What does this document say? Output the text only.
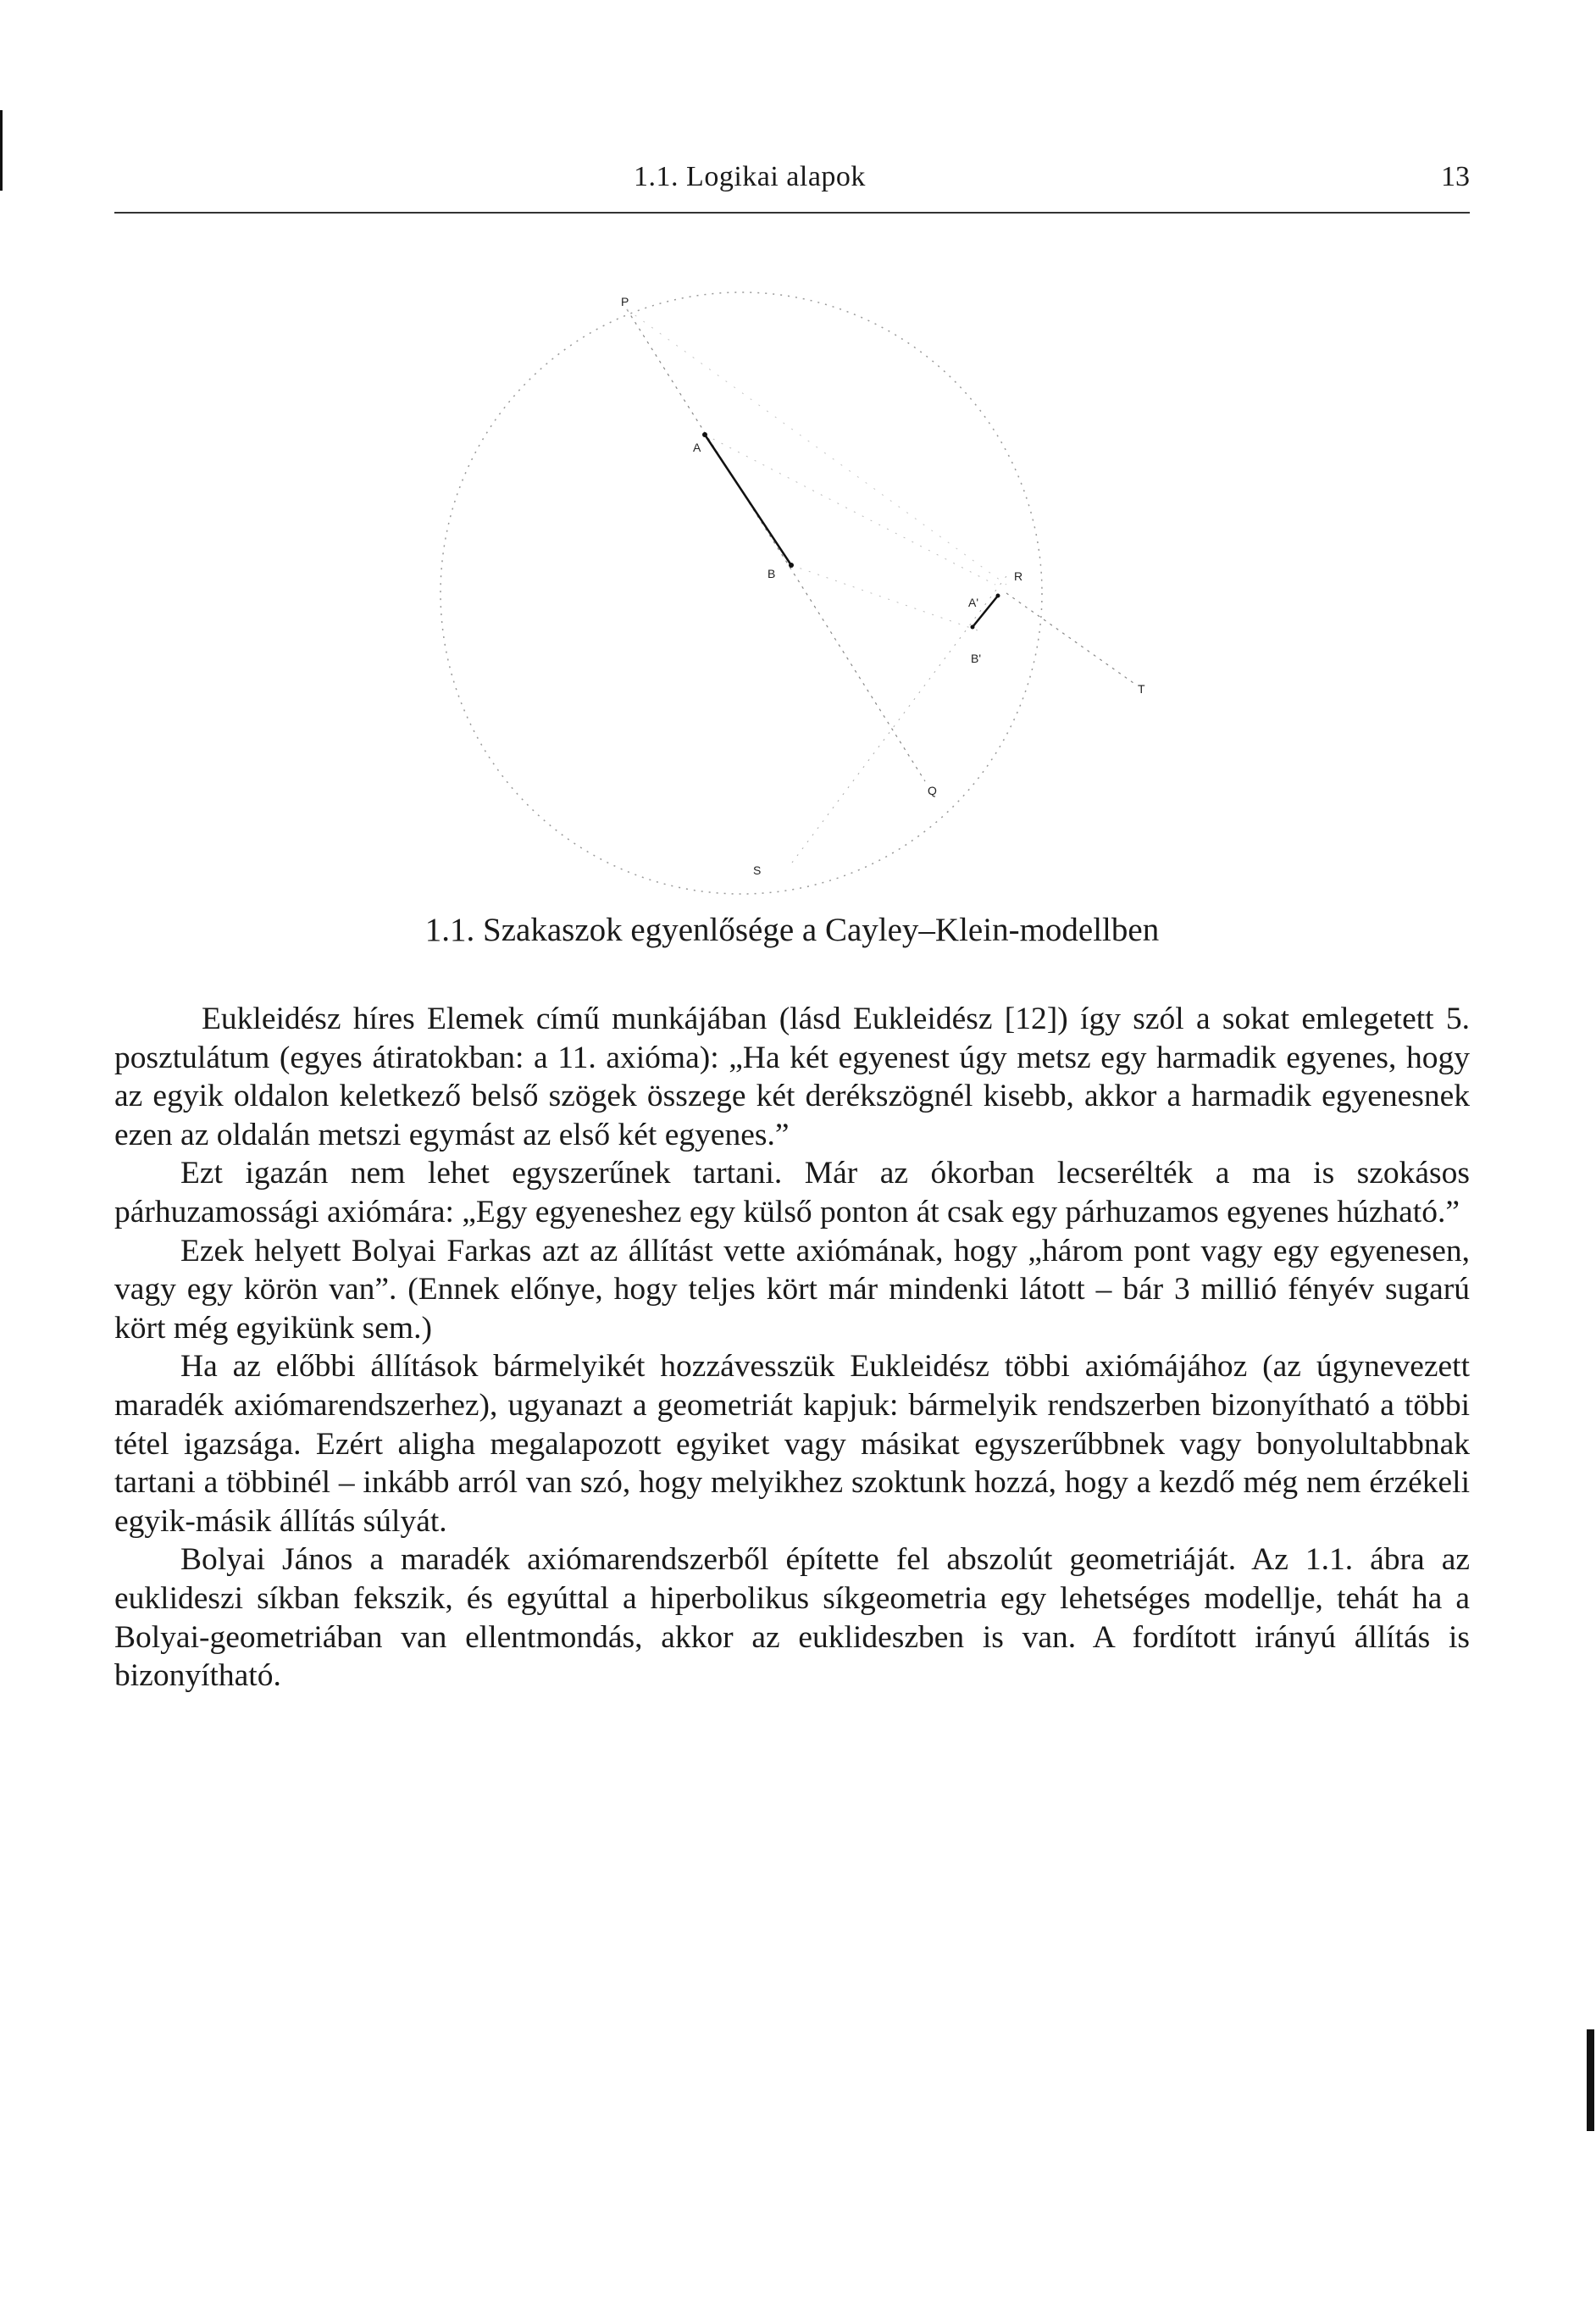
1.1. Logikai alapok	13
P
A
B	R
A'
B'
T
Q
S
1.1. Szakaszok egyenlősége a Cayley–Klein-modellben

Eukleidész híres Elemek című munkájában (lásd Eukleidész [12]) így szól a sokat emlegetett 5. posztulátum (egyes átiratokban: a 11. axióma): „Ha két egyenest úgy metsz egy harmadik egyenes, hogy az egyik oldalon keletkező belső szögek összege két derékszögnél kisebb, akkor a harmadik egyenesnek ezen az oldalán metszi egymást az első két egyenes.”

Ezt igazán nem lehet egyszerűnek tartani. Már az ókorban lecserélték a ma is szokásos párhuzamossági axiómára: „Egy egyeneshez egy külső ponton át csak egy párhuzamos egyenes húzható.”

Ezek helyett Bolyai Farkas azt az állítást vette axiómának, hogy „három pont vagy egy egyenesen, vagy egy körön van”. (Ennek előnye, hogy teljes kört már mindenki látott – bár 3 millió fényév sugarú kört még egyikünk sem.)

Ha az előbbi állítások bármelyikét hozzávesszük Eukleidész többi axiómájához (az úgynevezett maradék axiómarendszerhez), ugyanazt a geometriát kapjuk: bármelyik rendszerben bizonyítható a többi tétel igazsága. Ezért aligha megalapozott egyiket vagy másikat egyszerűbbnek vagy bonyolultabbnak tartani a többinél – inkább arról van szó, hogy melyikhez szoktunk hozzá, hogy a kezdő még nem érzékeli egyik-másik állítás súlyát.

Bolyai János a maradék axiómarendszerből építette fel abszolút geometriáját. Az 1.1. ábra az euklideszi síkban fekszik, és egyúttal a hiperbolikus síkgeometria egy lehetséges modellje, tehát ha a Bolyai-geometriában van ellentmondás, akkor az euklideszben is van. A fordított irányú állítás is bizonyítható.
